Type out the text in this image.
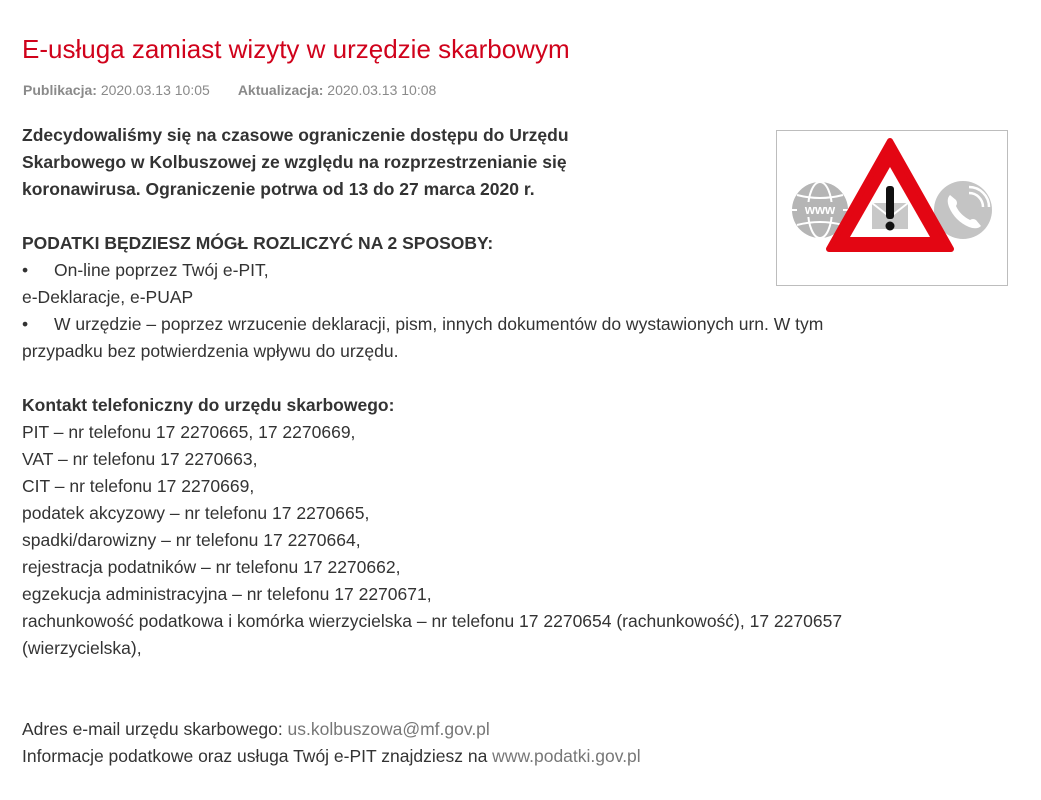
E-usługa zamiast wizyty w urzędzie skarbowym
Publikacja: 2020.03.13 10:05 Aktualizacja: 2020.03.13 10:08
www

Zdecydowaliśmy się na czasowe ograniczenie dostępu do Urzędu
Skarbowego w Kolbuszowej ze względu na rozprzestrzenianie się
koronawirusa. Ograniczenie potrwa od 13 do 27 marca 2020 r.

PODATKI BĘDZIESZ MÓGŁ ROZLICZYĆ NA 2 SPOSOBY:

• On-line poprzez Twój e-PIT,

e-Deklaracje, e-PUAP

• W urzędzie – poprzez wrzucenie deklaracji, pism, innych dokumentów do wystawionych urn. W tym

przypadku bez potwierdzenia wpływu do urzędu.

Kontakt telefoniczny do urzędu skarbowego:

PIT – nr telefonu 17 2270665, 17 2270669,

VAT – nr telefonu 17 2270663,

CIT – nr telefonu 17 2270669,

podatek akcyzowy – nr telefonu 17 2270665,

spadki/darowizny – nr telefonu 17 2270664,

rejestracja podatników – nr telefonu 17 2270662,

egzekucja administracyjna – nr telefonu 17 2270671,

rachunkowość podatkowa i komórka wierzycielska – nr telefonu 17 2270654 (rachunkowość), 17 2270657

(wierzycielska),

Adres e-mail urzędu skarbowego: us.kolbuszowa@mf.gov.pl

Informacje podatkowe oraz usługa Twój e-PIT znajdziesz na www.podatki.gov.pl
